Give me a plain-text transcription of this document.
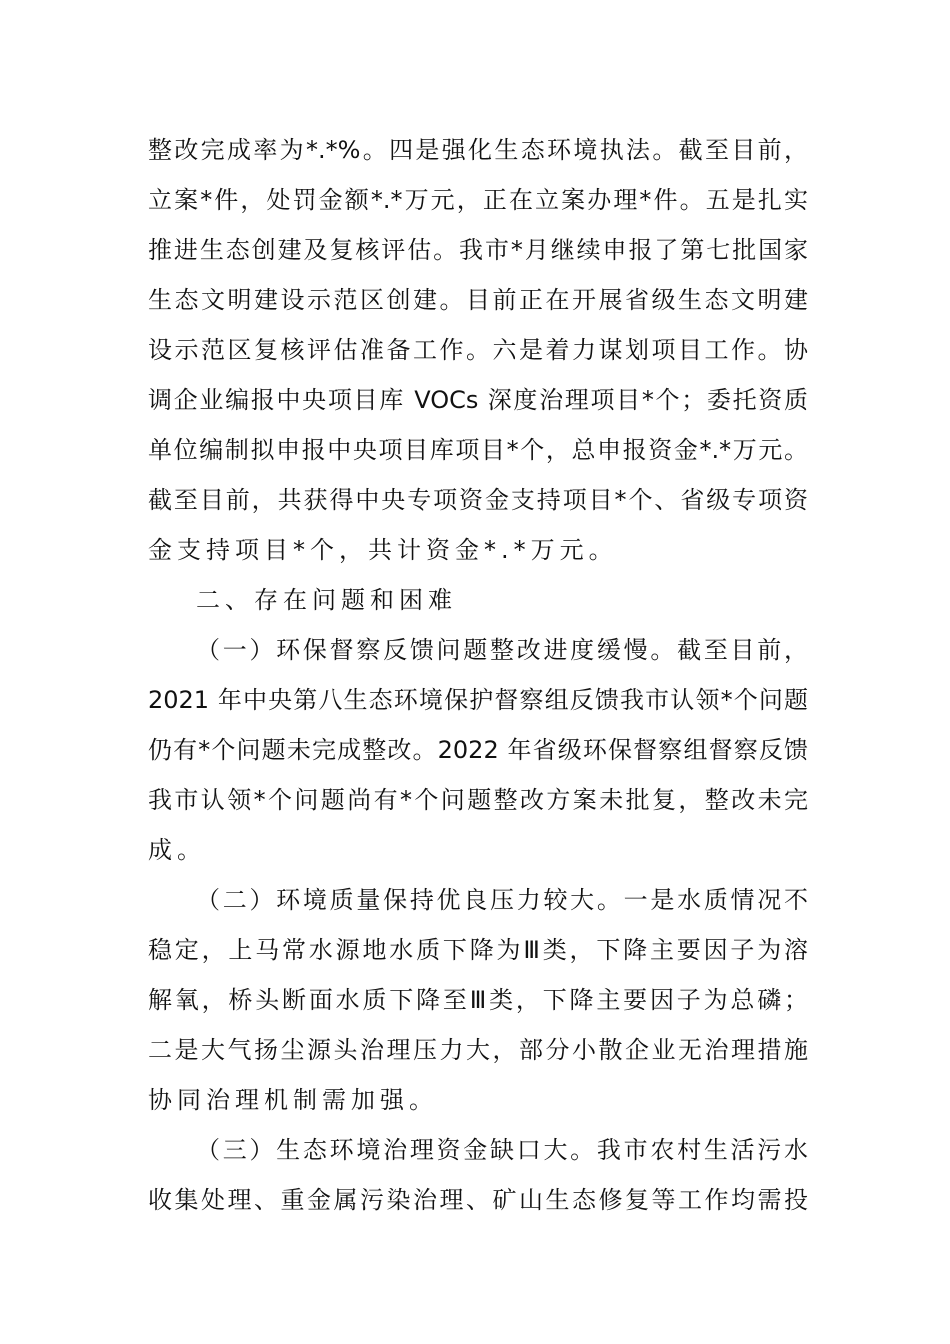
整改完成率为*.*%。四是强化生态环境执法。截至目前，
立案*件，处罚金额*.*万元，正在立案办理*件。五是扎实
推进生态创建及复核评估。我市*月继续申报了第七批国家
生态文明建设示范区创建。目前正在开展省级生态文明建
设示范区复核评估准备工作。六是着力谋划项目工作。协
调企业编报中央项目库 VOCs 深度治理项目*个；委托资质
单位编制拟申报中央项目库项目*个，总申报资金*.*万元。
截至目前，共获得中央专项资金支持项目*个、省级专项资
金支持项目*个，共计资金*.*万元。
二、存在问题和困难
（一）环保督察反馈问题整改进度缓慢。截至目前，
2021 年中央第八生态环境保护督察组反馈我市认领*个问题
仍有*个问题未完成整改。2022 年省级环保督察组督察反馈
我市认领*个问题尚有*个问题整改方案未批复，整改未完
成。
（二）环境质量保持优良压力较大。一是水质情况不
稳定，上马常水源地水质下降为Ⅲ类，下降主要因子为溶
解氧，桥头断面水质下降至Ⅲ类，下降主要因子为总磷；
二是大气扬尘源头治理压力大，部分小散企业无治理措施
协同治理机制需加强。
（三）生态环境治理资金缺口大。我市农村生活污水
收集处理、重金属污染治理、矿山生态修复等工作均需投
